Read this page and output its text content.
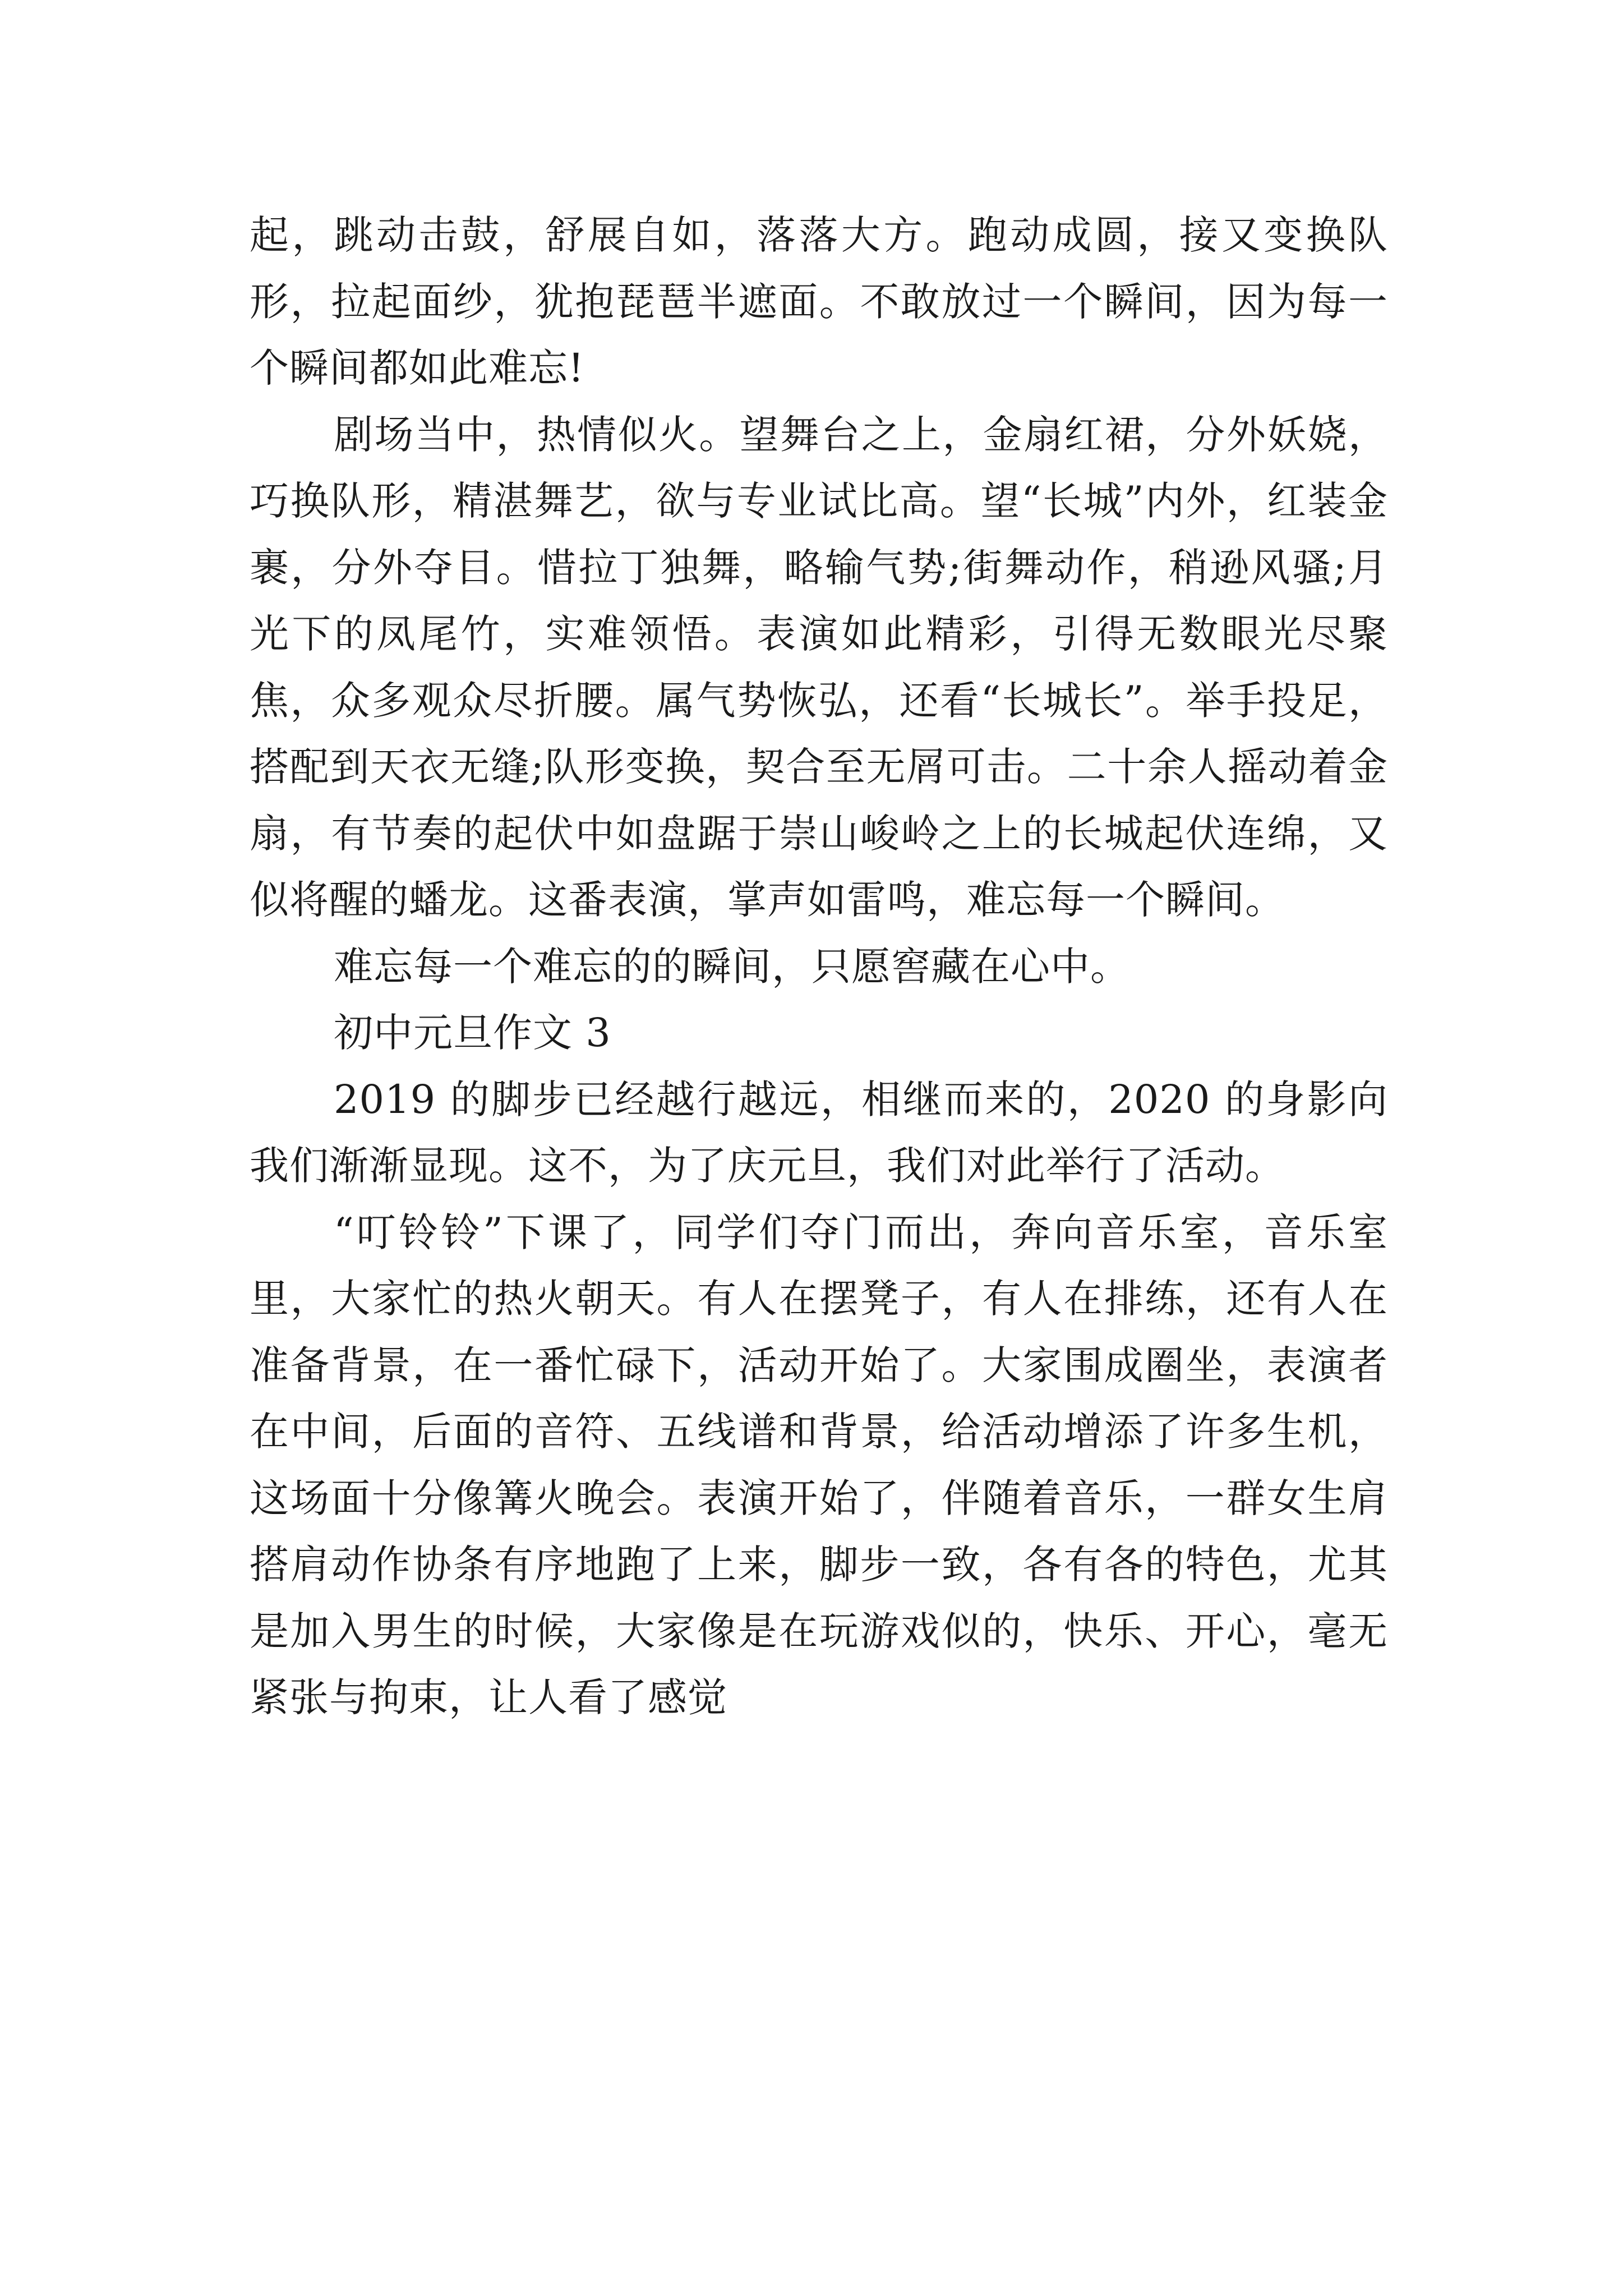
起，跳动击鼓，舒展自如，落落大方。跑动成圆，接又变换队形，拉起面纱，犹抱琵琶半遮面。不敢放过一个瞬间，因为每一个瞬间都如此难忘!

剧场当中，热情似火。望舞台之上，金扇红裙，分外妖娆，巧换队形，精湛舞艺，欲与专业试比高。望“长城”内外，红装金裹，分外夺目。惜拉丁独舞，略输气势;街舞动作，稍逊风骚;月光下的凤尾竹，实难领悟。表演如此精彩，引得无数眼光尽聚焦，众多观众尽折腰。属气势恢弘，还看“长城长”。举手投足，搭配到天衣无缝;队形变换，契合至无屑可击。二十余人摇动着金扇，有节奏的起伏中如盘踞于崇山峻岭之上的长城起伏连绵，又似将醒的蟠龙。这番表演，掌声如雷鸣，难忘每一个瞬间。

难忘每一个难忘的的瞬间，只愿窖藏在心中。

初中元旦作文 3

2019 的脚步已经越行越远，相继而来的，2020 的身影向我们渐渐显现。这不，为了庆元旦，我们对此举行了活动。

“叮铃铃”下课了，同学们夺门而出，奔向音乐室，音乐室里，大家忙的热火朝天。有人在摆凳子，有人在排练，还有人在准备背景，在一番忙碌下，活动开始了。大家围成圈坐，表演者在中间，后面的音符、五线谱和背景，给活动增添了许多生机，这场面十分像篝火晚会。表演开始了，伴随着音乐，一群女生肩搭肩动作协条有序地跑了上来，脚步一致，各有各的特色，尤其是加入男生的时候，大家像是在玩游戏似的，快乐、开心，毫无紧张与拘束，让人看了感觉
